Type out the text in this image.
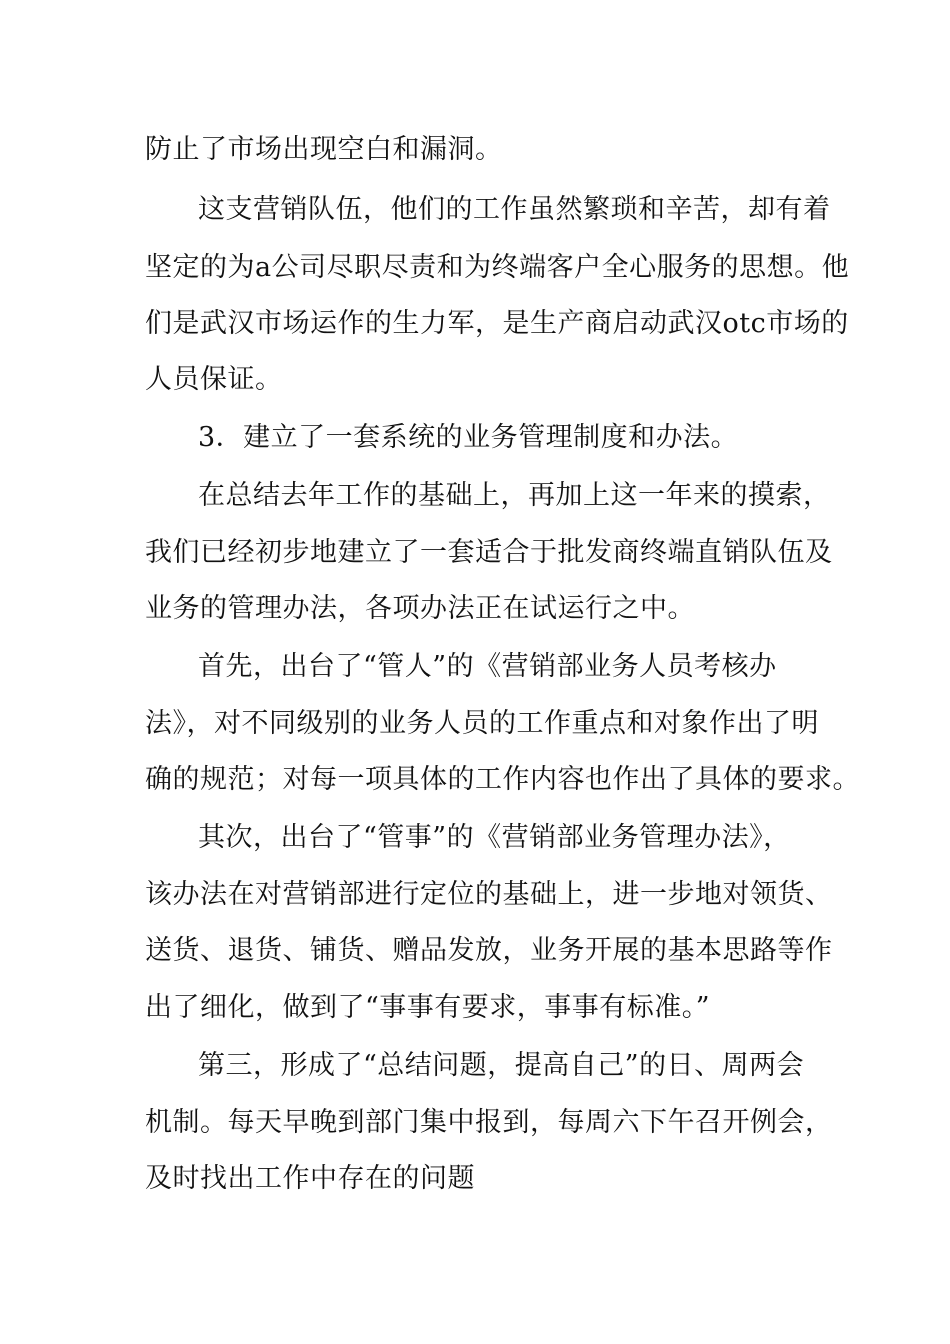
防止了市场出现空白和漏洞。
这支营销队伍，他们的工作虽然繁琐和辛苦，却有着
坚定的为a公司尽职尽责和为终端客户全心服务的思想。他
们是武汉市场运作的生力军，是生产商启动武汉otc市场的
人员保证。
3．建立了一套系统的业务管理制度和办法。
在总结去年工作的基础上，再加上这一年来的摸索，
我们已经初步地建立了一套适合于批发商终端直销队伍及
业务的管理办法，各项办法正在试运行之中。
首先，出台了“管人”的《营销部业务人员考核办
法》，对不同级别的业务人员的工作重点和对象作出了明
确的规范；对每一项具体的工作内容也作出了具体的要求。
其次，出台了“管事”的《营销部业务管理办法》，
该办法在对营销部进行定位的基础上，进一步地对领货、
送货、退货、铺货、赠品发放，业务开展的基本思路等作
出了细化，做到了“事事有要求，事事有标准。”
第三，形成了“总结问题，提高自己”的日、周两会
机制。每天早晚到部门集中报到，每周六下午召开例会，
及时找出工作中存在的问题
